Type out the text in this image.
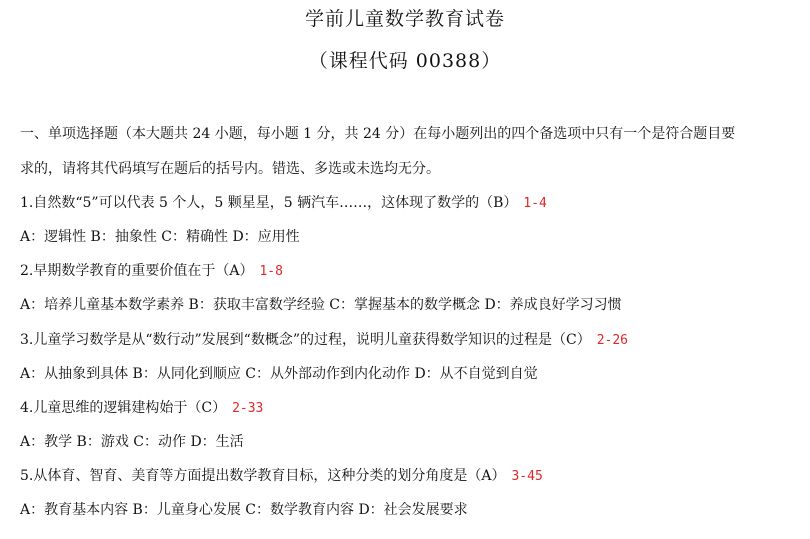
学前儿童数学教育试卷
（课程代码 00388）
一、单项选择题（本大题共 24 小题，每小题 1 分，共 24 分）在每小题列出的四个备选项中只有一个是符合题目要
求的，请将其代码填写在题后的括号内。错选、多选或未选均无分。
1.自然数“5”可以代表 5 个人，5 颗星星，5 辆汽车……，这体现了数学的（B） 1-4
A：逻辑性 B：抽象性 C：精确性 D：应用性
2.早期数学教育的重要价值在于（A） 1-8
A：培养儿童基本数学素养 B：获取丰富数学经验 C：掌握基本的数学概念 D：养成良好学习习惯
3.儿童学习数学是从“数行动”发展到“数概念”的过程，说明儿童获得数学知识的过程是（C） 2-26
A：从抽象到具体 B：从同化到顺应 C：从外部动作到内化动作 D：从不自觉到自觉
4.儿童思维的逻辑建构始于（C） 2-33
A：教学 B：游戏 C：动作 D：生活
5.从体育、智育、美育等方面提出数学教育目标，这种分类的划分角度是（A） 3-45
A：教育基本内容 B：儿童身心发展 C：数学教育内容 D：社会发展要求
